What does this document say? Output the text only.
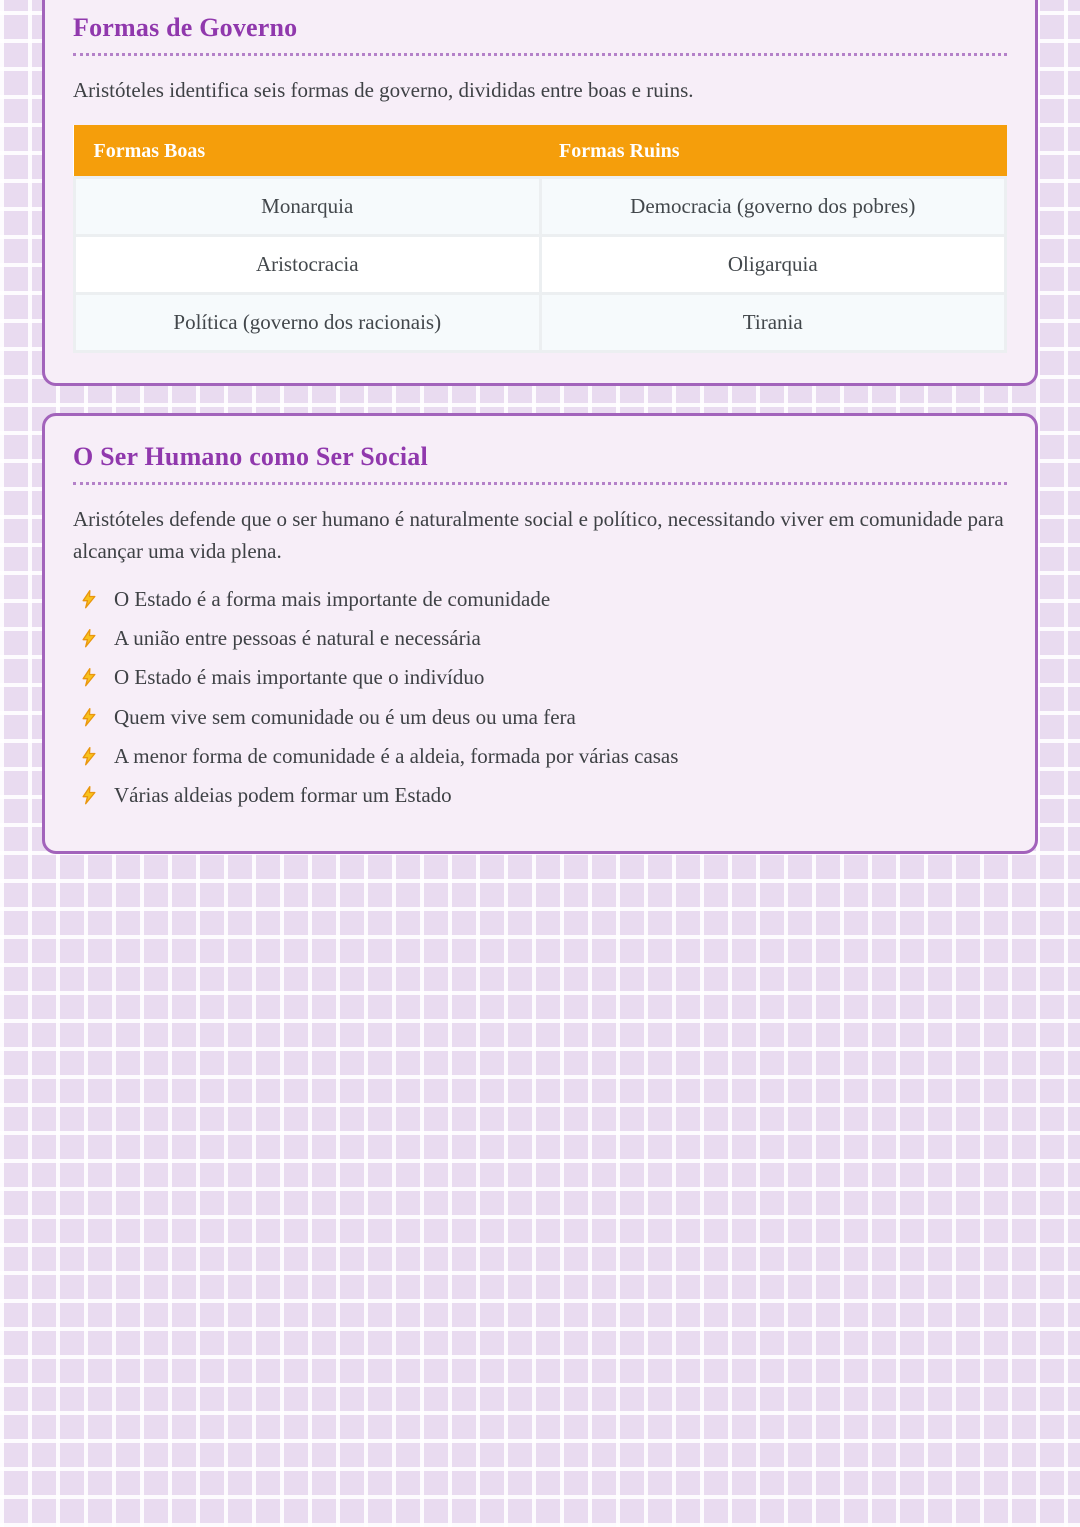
Formas de Governo

Aristóteles identifica seis formas de governo, divididas entre boas e ruins.

Formas Boas	Formas Ruins
Monarquia	Democracia (governo dos pobres)
Aristocracia	Oligarquia
Política (governo dos racionais)	Tirania
O Ser Humano como Ser Social

Aristóteles defende que o ser humano é naturalmente social e político, necessitando viver em comunidade para alcançar uma vida plena.

O Estado é a forma mais importante de comunidade
A união entre pessoas é natural e necessária
O Estado é mais importante que o indivíduo
Quem vive sem comunidade ou é um deus ou uma fera
A menor forma de comunidade é a aldeia, formada por várias casas
Várias aldeias podem formar um Estado
